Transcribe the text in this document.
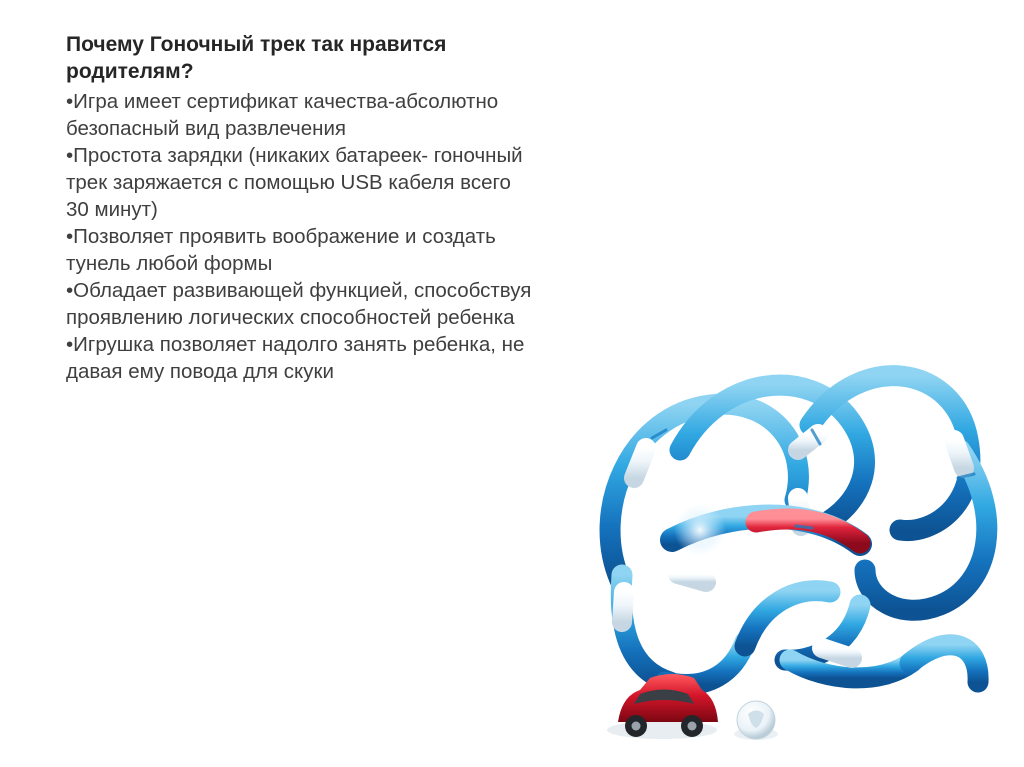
Почему Гоночный трек так нравится родителям?

•Игра имеет сертификат качества-абсолютно безопасный вид развлечения

•Простота зарядки (никаких батареек- гоночный трек заряжается с помощью USB кабеля всего 30 минут)

•Позволяет проявить воображение и создать тунель любой формы

•Обладает развивающей функцией, способствуя проявлению логических способностей ребенка

•Игрушка позволяет надолго занять ребенка, не давая ему повода для скуки
